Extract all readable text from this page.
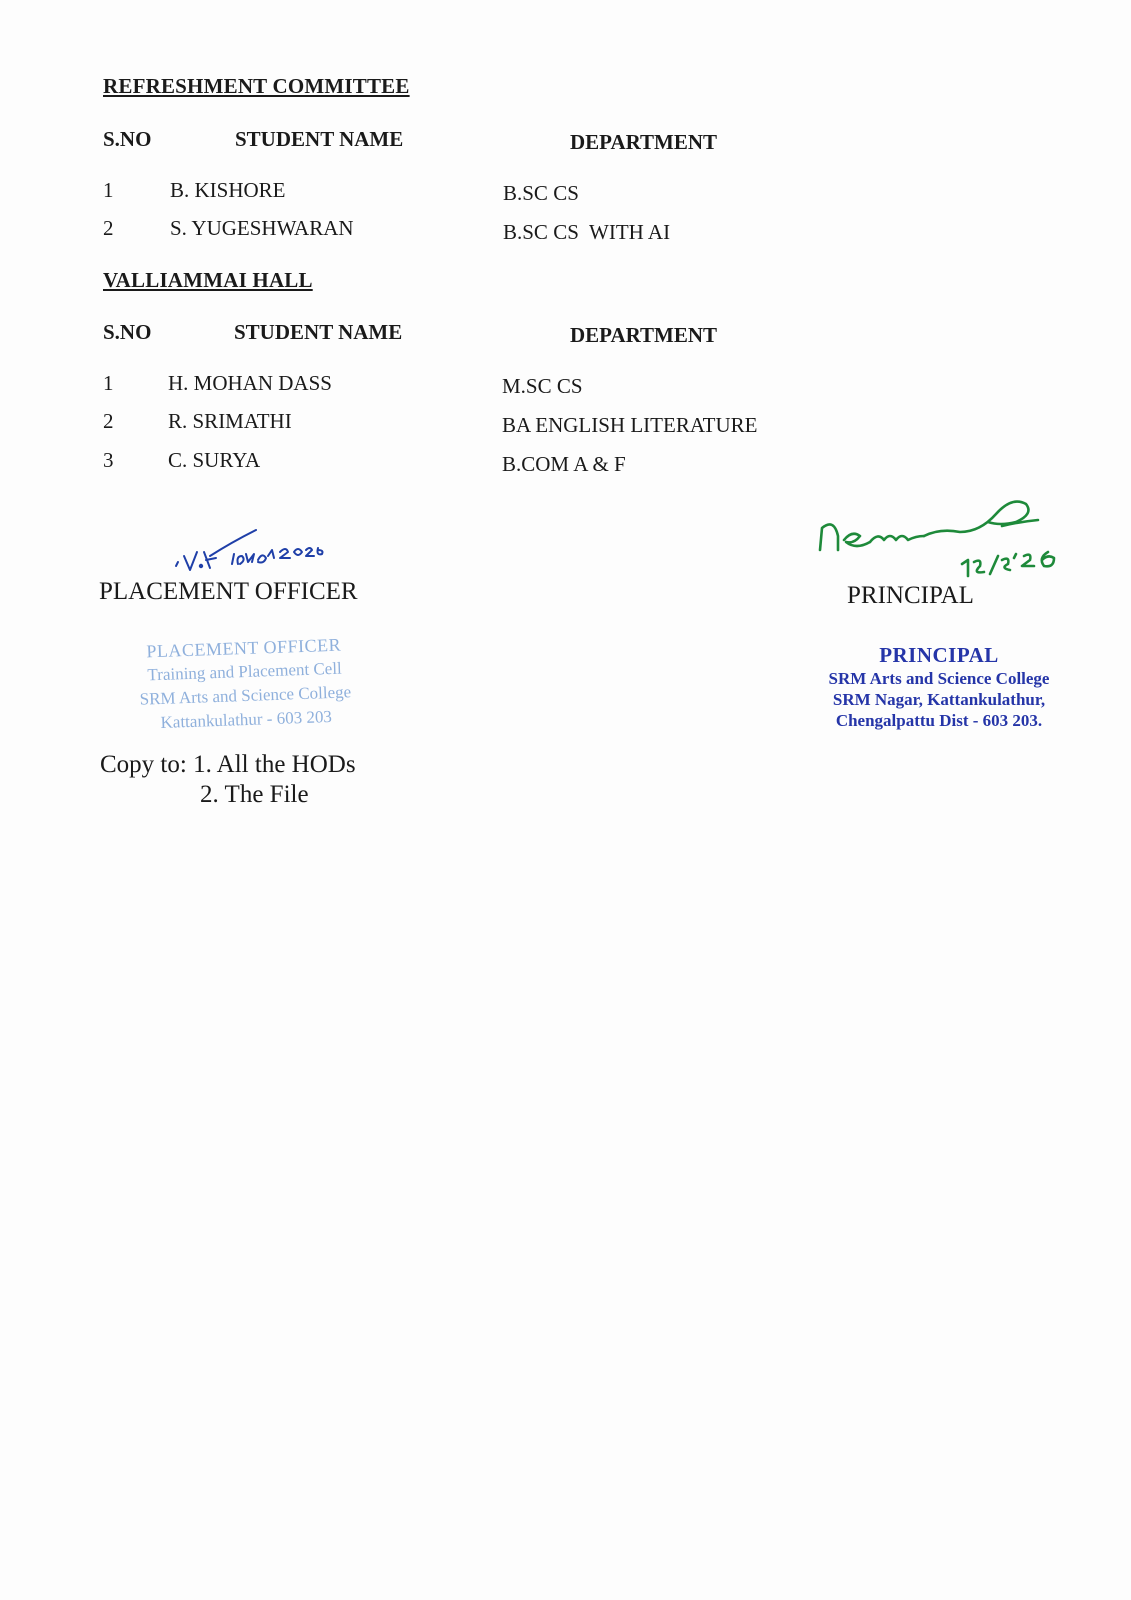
REFRESHMENT COMMITTEE
S.NO	STUDENT NAME	DEPARTMENT
1	B. KISHORE	B.SC CS
2	S. YUGESHWARAN	B.SC CS  WITH AI
VALLIAMMAI HALL
S.NO	STUDENT NAME	DEPARTMENT
1	H. MOHAN DASS	M.SC CS
2	R. SRIMATHI	BA ENGLISH LITERATURE
3	C. SURYA	B.COM A & F
PLACEMENT OFFICER
PLACEMENT OFFICER
Training and Placement Cell
SRM Arts and Science College
Kattankulathur - 603 203
PRINCIPAL
PRINCIPAL
SRM Arts and Science College
SRM Nagar, Kattankulathur,
Chengalpattu Dist - 603 203.
Copy to: 1. All the HODs
2. The File
